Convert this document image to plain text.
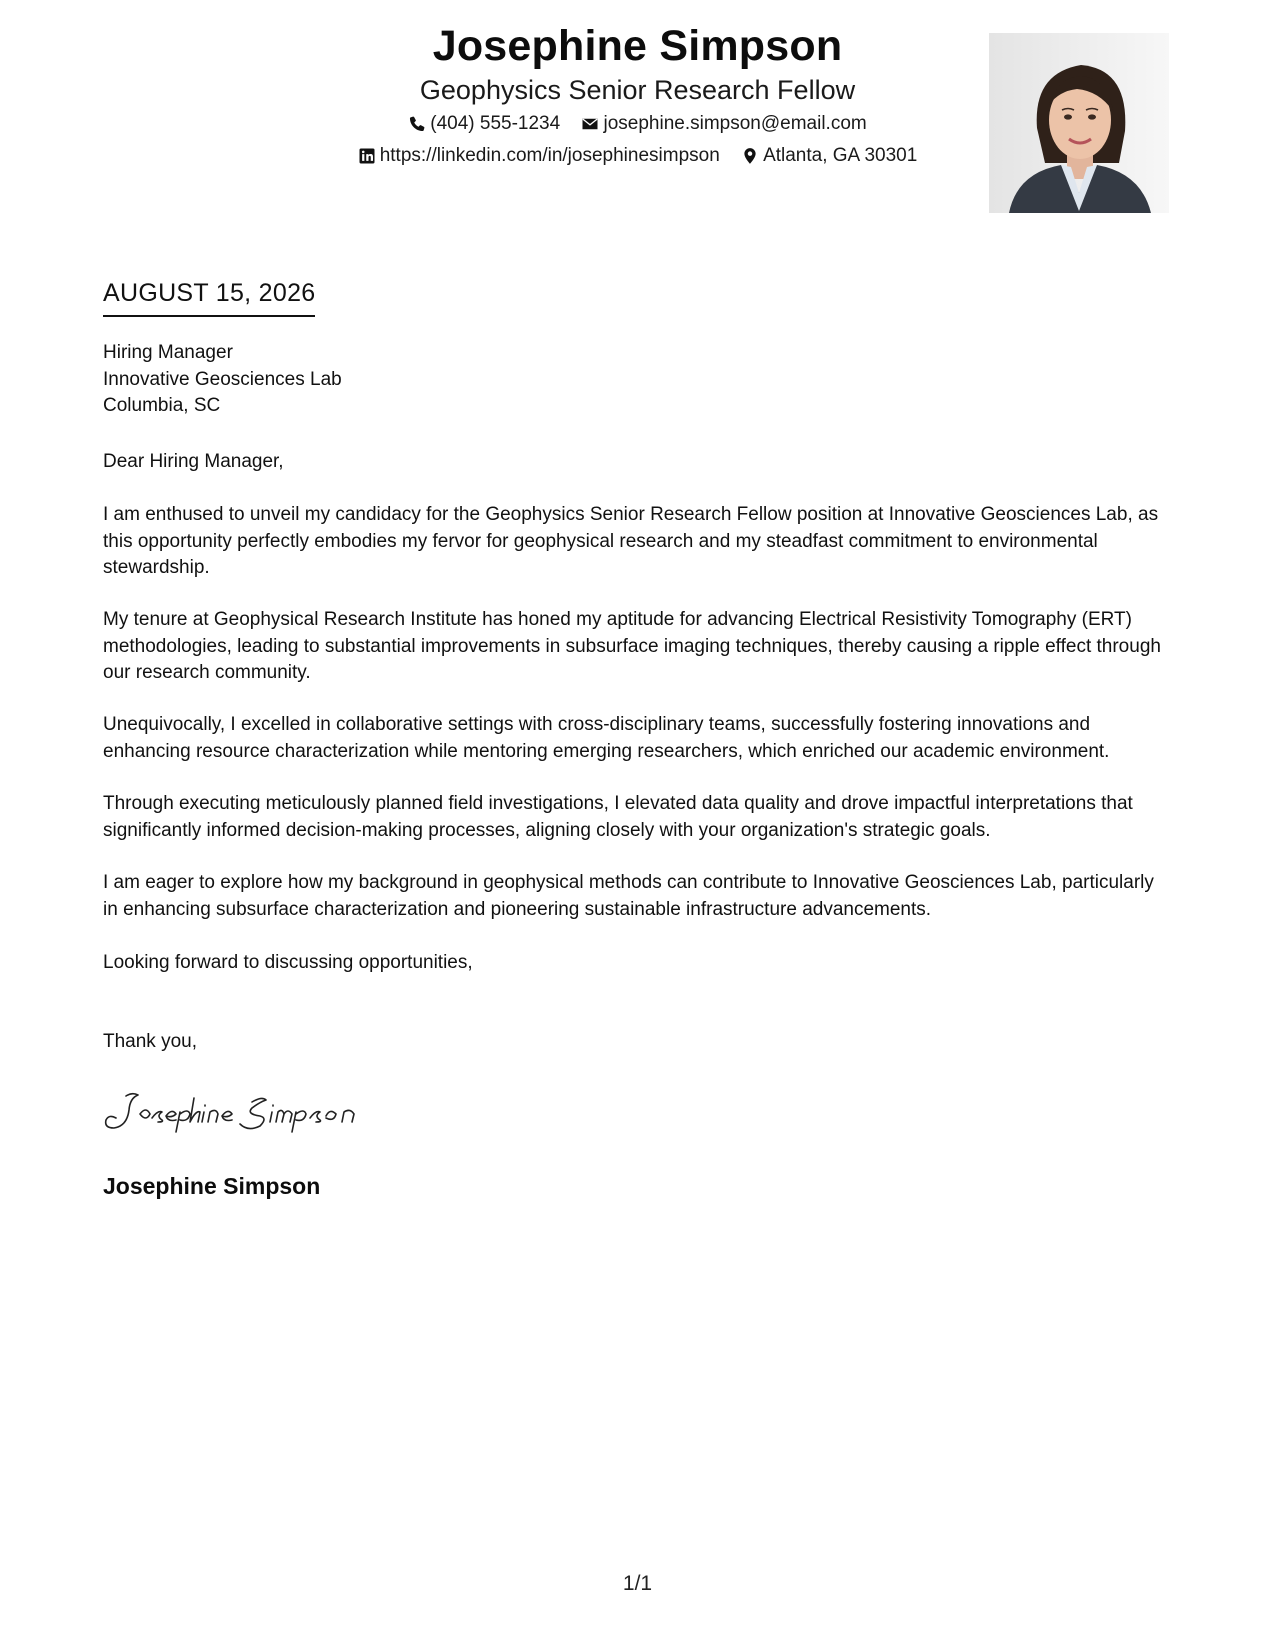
Josephine Simpson
Geophysics Senior Research Fellow
(404) 555-1234
josephine.simpson@email.com
https://linkedin.com/in/josephinesimpson
Atlanta, GA 30301
AUGUST 15, 2026
Hiring Manager
Innovative Geosciences Lab
Columbia, SC
Dear Hiring Manager,
I am enthused to unveil my candidacy for the Geophysics Senior Research Fellow position at Innovative Geosciences Lab, as this opportunity perfectly embodies my fervor for geophysical research and my steadfast commitment to environmental stewardship.
My tenure at Geophysical Research Institute has honed my aptitude for advancing Electrical Resistivity Tomography (ERT) methodologies, leading to substantial improvements in subsurface imaging techniques, thereby causing a ripple effect through our research community.
Unequivocally, I excelled in collaborative settings with cross-disciplinary teams, successfully fostering innovations and enhancing resource characterization while mentoring emerging researchers, which enriched our academic environment.
Through executing meticulously planned field investigations, I elevated data quality and drove impactful interpretations that significantly informed decision-making processes, aligning closely with your organization's strategic goals.
I am eager to explore how my background in geophysical methods can contribute to Innovative Geosciences Lab, particularly in enhancing subsurface characterization and pioneering sustainable infrastructure advancements.
Looking forward to discussing opportunities,
Thank you,
Josephine Simpson
1/1
